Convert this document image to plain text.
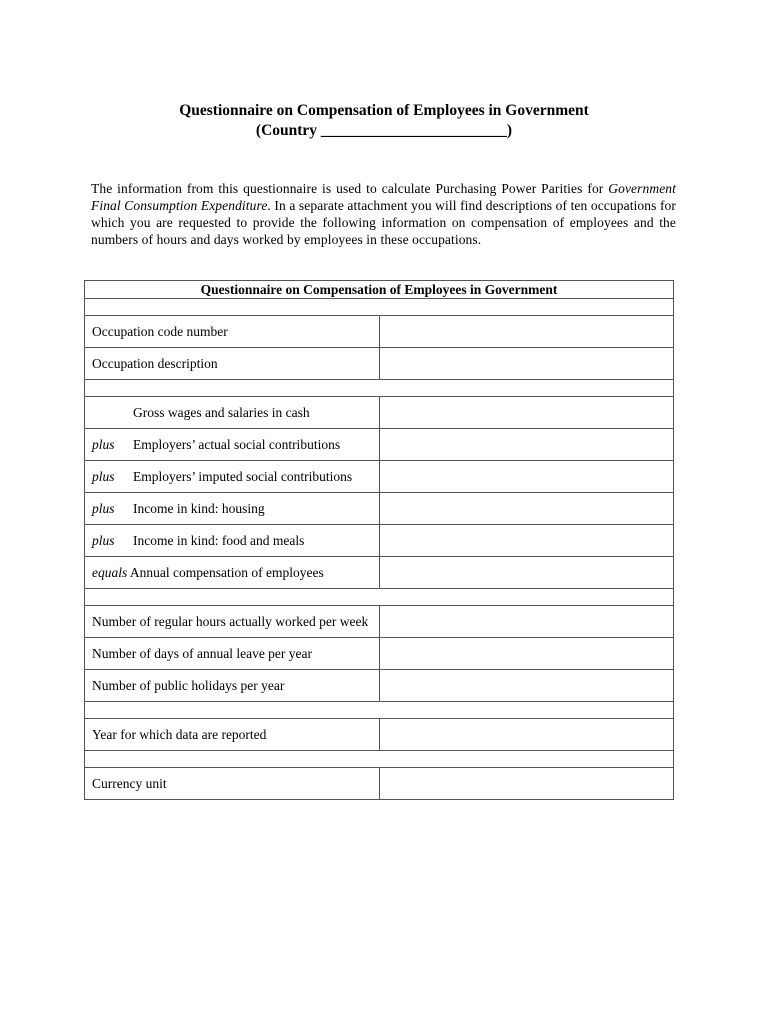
Questionnaire on Compensation of Employees in Government
(Country ________________________)
The information from this questionnaire is used to calculate Purchasing Power Parities for Government Final Consumption Expenditure. In a separate attachment you will find descriptions of ten occupations for which you are requested to provide the following information on compensation of employees and the numbers of hours and days worked by employees in these occupations.
Questionnaire on Compensation of Employees in Government	

Occupation code number	
Occupation description	

Gross wages and salaries in cash	
plus Employers’ actual social contributions	
plus Employers’ imputed social contributions	
plus Income in kind: housing	
plus Income in kind: food and meals	
equals Annual compensation of employees	

Number of regular hours actually worked per week	
Number of days of annual leave per year	
Number of public holidays per year	

Year for which data are reported	

Currency unit	
